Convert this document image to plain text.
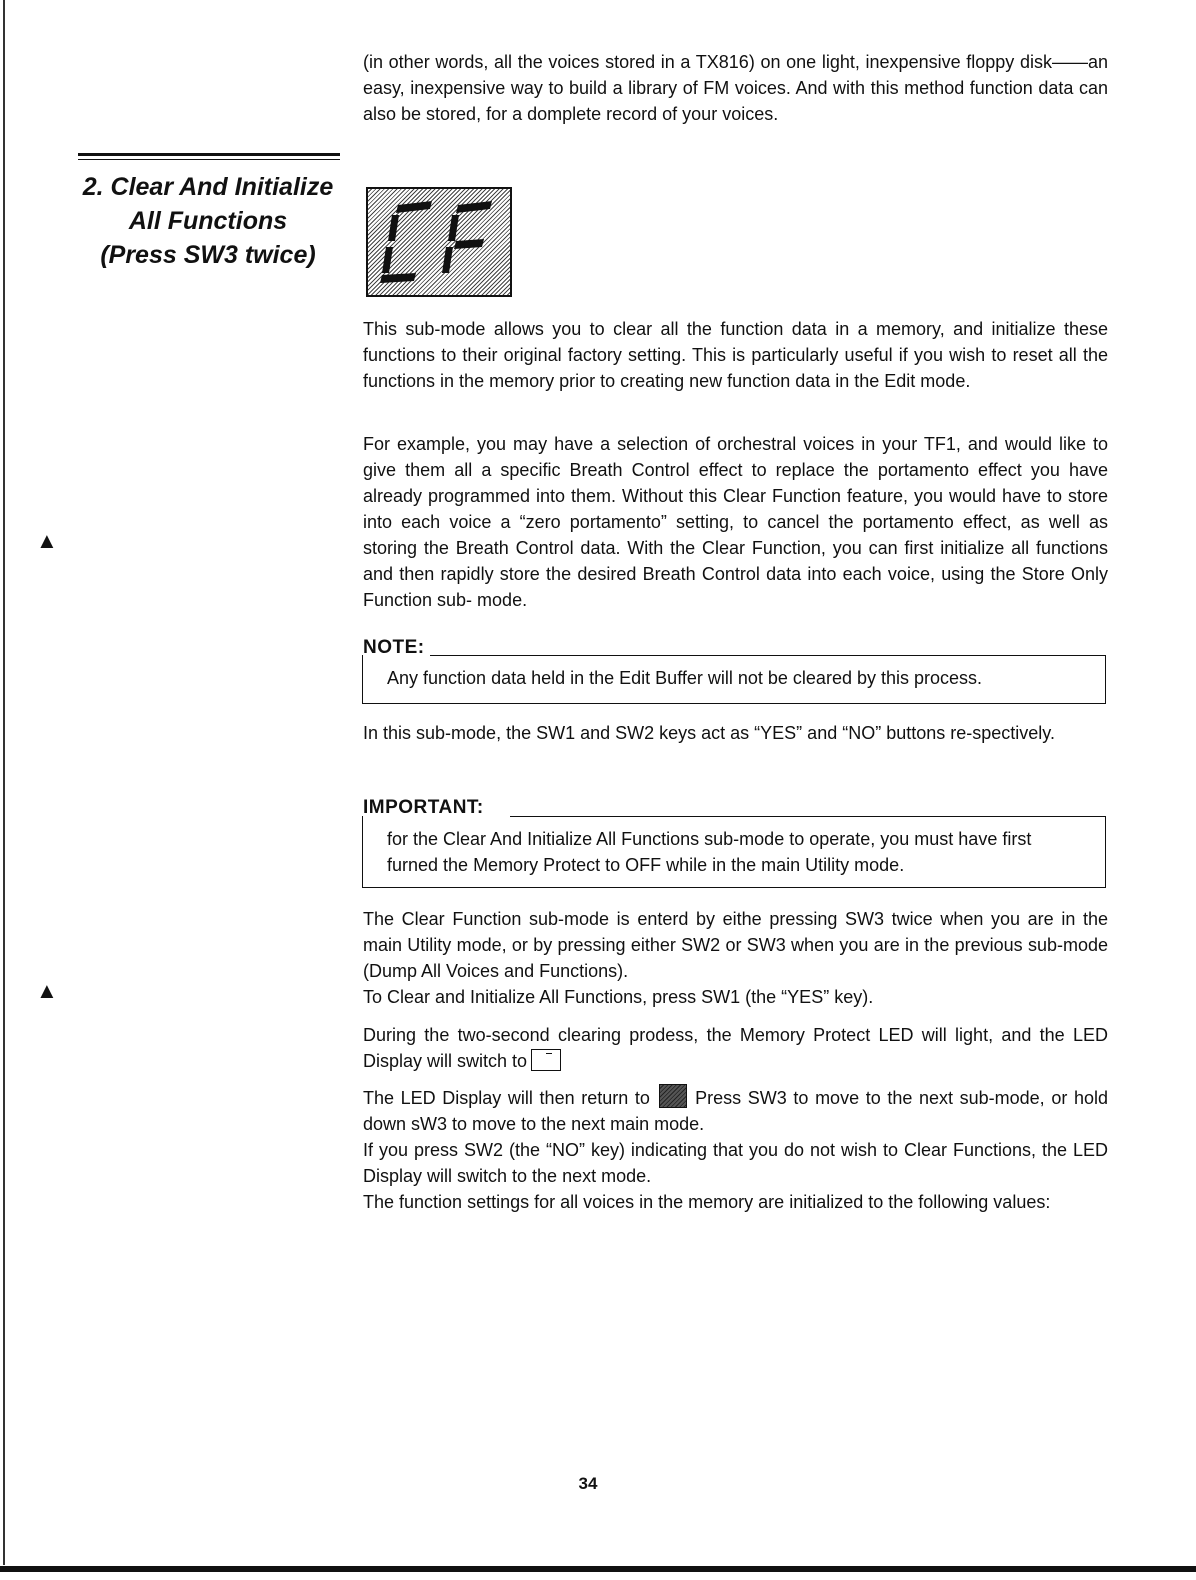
▲
▲

(in other words, all the voices stored in a TX816) on one light, inexpensive floppy disk——an easy, inexpensive way to build a library of FM voices. And with this method function data can also be stored, for a domplete record of your voices.

2. Clear And Initialize
All Functions
(Press SW3 twice)

This sub-mode allows you to clear all the function data in a memory, and initialize these functions to their original factory setting. This is particularly useful if you wish to reset all the functions in the memory prior to creating new function data in the Edit mode.

For example, you may have a selection of orchestral voices in your TF1, and would like to give them all a specific Breath Control effect to replace the portamento effect you have already programmed into them. Without this Clear Function feature, you would have to store into each voice a “zero portamento” setting, to cancel the portamento effect, as well as storing the Breath Control data. With the Clear Function, you can first initialize all functions and then rapidly store the desired Breath Control data into each voice, using the Store Only Function sub- mode.

NOTE:
Any function data held in the Edit Buffer will not be cleared by this process.

In this sub-mode, the SW1 and SW2 keys act as “YES” and “NO” buttons re-spectively.

IMPORTANT:
for the Clear And Initialize All Functions sub-mode to operate, you must have first furned the Memory Protect to OFF while in the main Utility mode.

The Clear Function sub-mode is enterd by eithe pressing SW3 twice when you are in the main Utility mode, or by pressing either SW2 or SW3 when you are in the previous sub-mode (Dump All Voices and Functions).

To Clear and Initialize All Functions, press SW1 (the “YES” key).

During the two-second clearing prodess, the Memory Protect LED will light, and the LED Display will switch to

The LED Display will then return to	Press SW3 to move to the next sub-mode, or hold down sW3 to move to the next main mode.

If you press SW2 (the “NO” key) indicating that you do not wish to Clear Functions, the LED Display will switch to the next mode.

The function settings for all voices in the memory are initialized to the following values:

34
